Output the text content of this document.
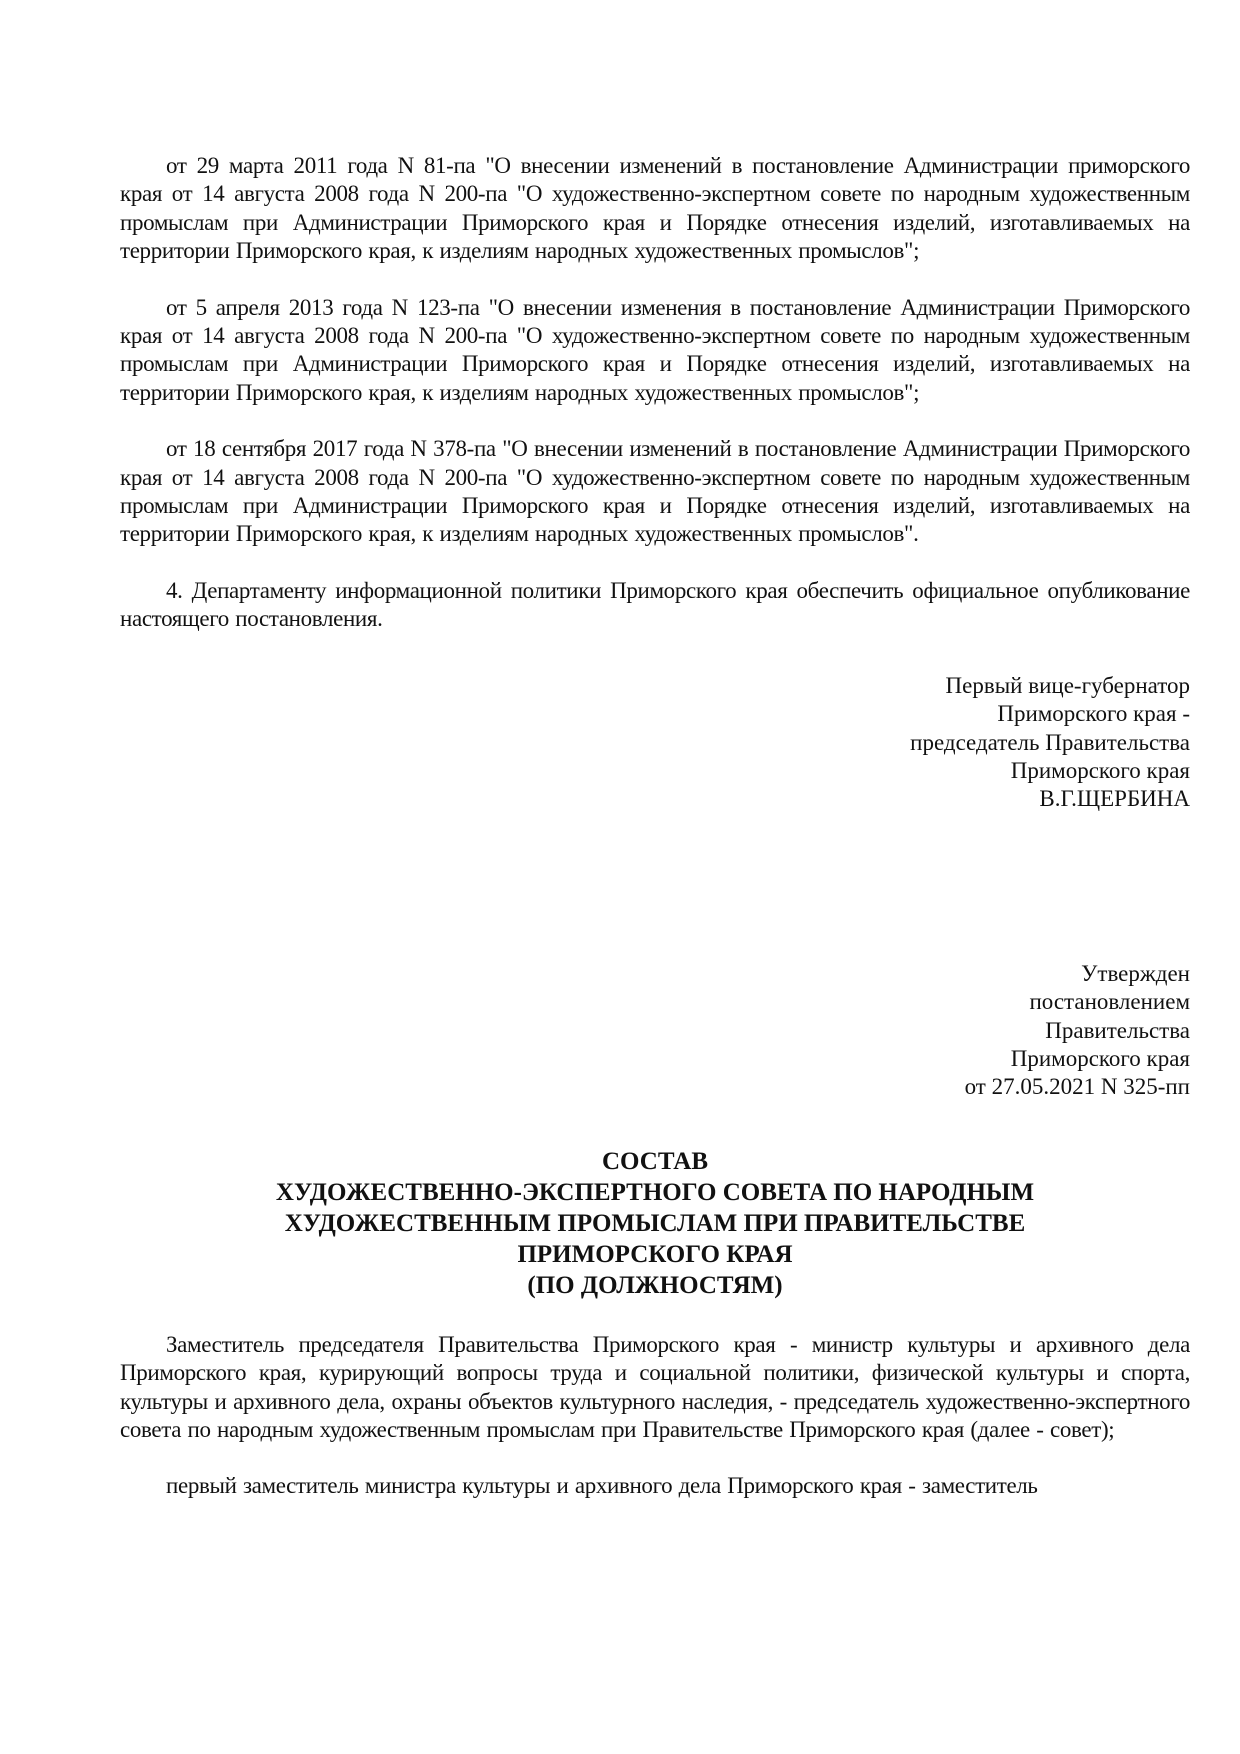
от 29 марта 2011 года N 81-па "О внесении изменений в постановление Администрации приморского края от 14 августа 2008 года N 200-па "О художественно-экспертном совете по народным художественным промыслам при Администрации Приморского края и Порядке отнесения изделий, изготавливаемых на территории Приморского края, к изделиям народных художественных промыслов";

от 5 апреля 2013 года N 123-па "О внесении изменения в постановление Администрации Приморского края от 14 августа 2008 года N 200-па "О художественно-экспертном совете по народным художественным промыслам при Администрации Приморского края и Порядке отнесения изделий, изготавливаемых на территории Приморского края, к изделиям народных художественных промыслов";

от 18 сентября 2017 года N 378-па "О внесении изменений в постановление Администрации Приморского края от 14 августа 2008 года N 200-па "О художественно-экспертном совете по народным художественным промыслам при Администрации Приморского края и Порядке отнесения изделий, изготавливаемых на территории Приморского края, к изделиям народных художественных промыслов".

4. Департаменту информационной политики Приморского края обеспечить официальное опубликование настоящего постановления.

Первый вице-губернатор
Приморского края -
председатель Правительства
Приморского края
В.Г.ЩЕРБИНА
Утвержден
постановлением
Правительства
Приморского края
от 27.05.2021 N 325-пп
СОСТАВ
ХУДОЖЕСТВЕННО-ЭКСПЕРТНОГО СОВЕТА ПО НАРОДНЫМ
ХУДОЖЕСТВЕННЫМ ПРОМЫСЛАМ ПРИ ПРАВИТЕЛЬСТВЕ
ПРИМОРСКОГО КРАЯ
(ПО ДОЛЖНОСТЯМ)

Заместитель председателя Правительства Приморского края - министр культуры и архивного дела Приморского края, курирующий вопросы труда и социальной политики, физической культуры и спорта, культуры и архивного дела, охраны объектов культурного наследия, - председатель художественно-экспертного совета по народным художественным промыслам при Правительстве Приморского края (далее - совет);

первый заместитель министра культуры и архивного дела Приморского края - заместитель
